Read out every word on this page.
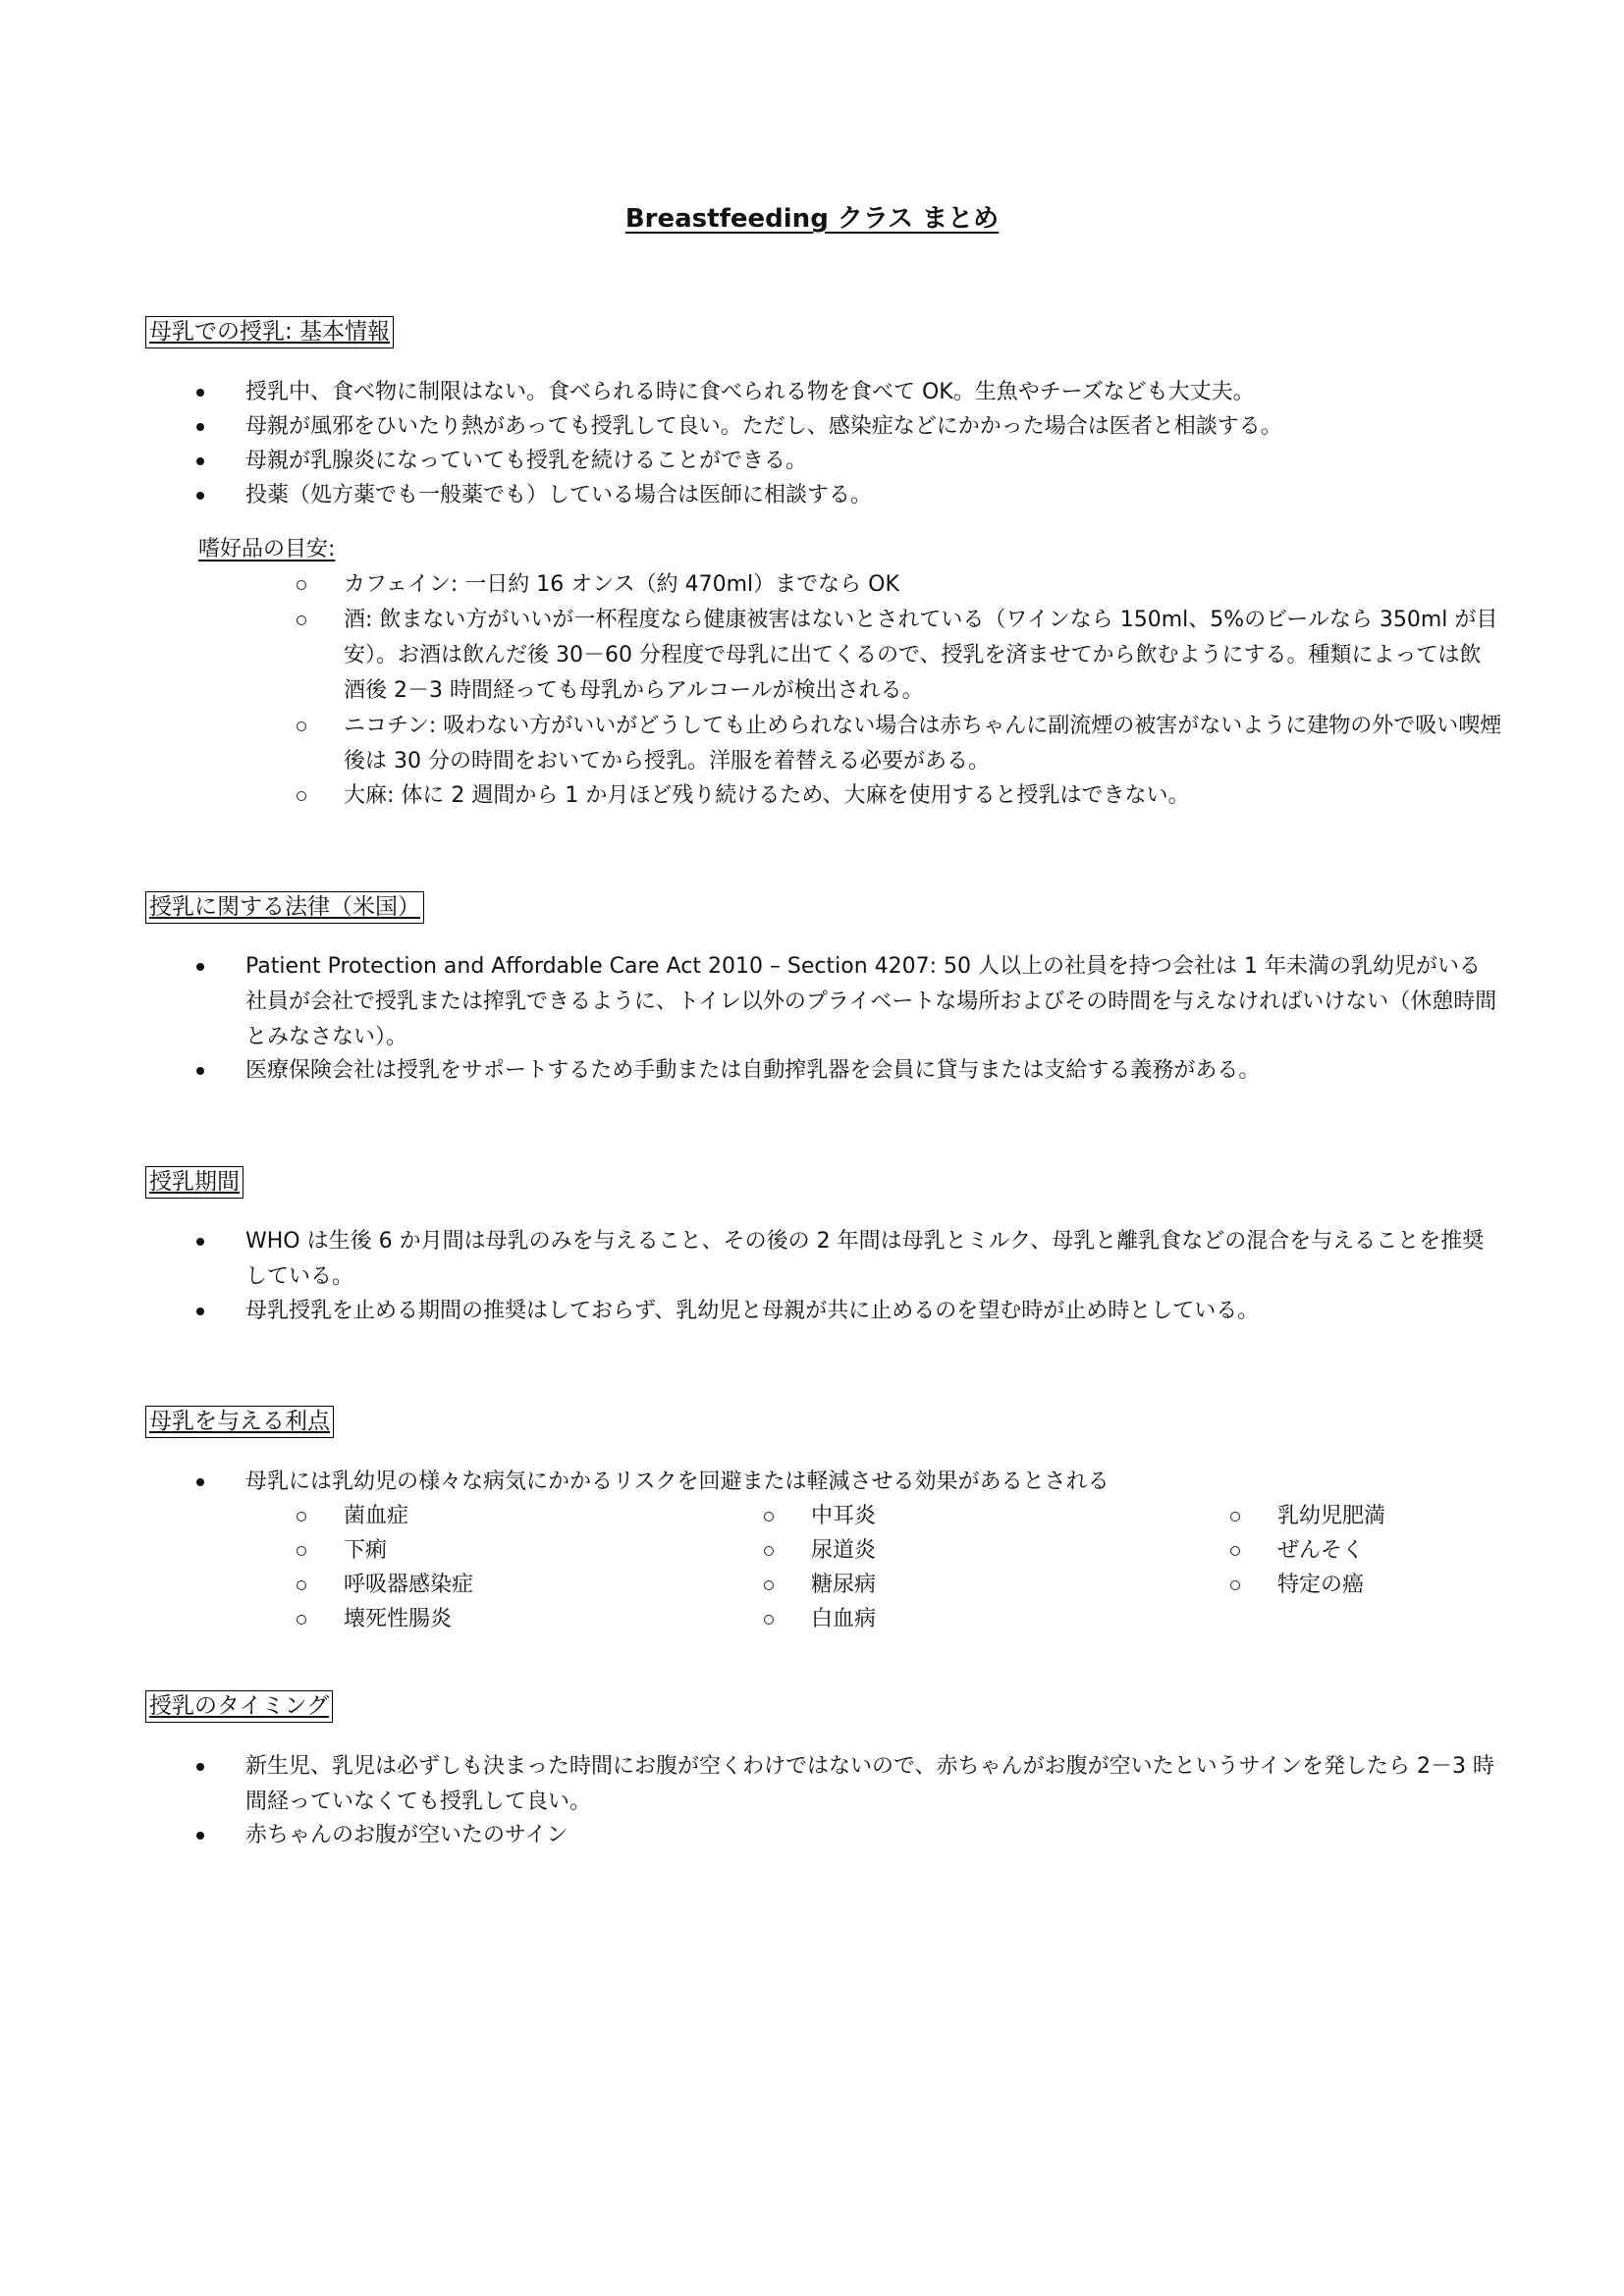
Breastfeeding クラス まとめ
母乳での授乳: 基本情報
授乳中、食べ物に制限はない。食べられる時に食べられる物を食べて OK。生魚やチーズなども大丈夫。
母親が風邪をひいたり熱があっても授乳して良い。ただし、感染症などにかかった場合は医者と相談する。
母親が乳腺炎になっていても授乳を続けることができる。
投薬（処方薬でも一般薬でも）している場合は医師に相談する。
嗜好品の目安:
カフェイン: 一日約 16 オンス（約 470ml）までなら OK
酒: 飲まない方がいいが一杯程度なら健康被害はないとされている（ワインなら 150ml、5%のビールなら 350ml が目安）。お酒は飲んだ後 30－60 分程度で母乳に出てくるので、授乳を済ませてから飲むようにする。種類によっては飲酒後 2－3 時間経っても母乳からアルコールが検出される。
ニコチン: 吸わない方がいいがどうしても止められない場合は赤ちゃんに副流煙の被害がないように建物の外で吸い喫煙後は 30 分の時間をおいてから授乳。洋服を着替える必要がある。
大麻: 体に 2 週間から 1 か月ほど残り続けるため、大麻を使用すると授乳はできない。
授乳に関する法律（米国）
Patient Protection and Affordable Care Act 2010 – Section 4207: 50 人以上の社員を持つ会社は 1 年未満の乳幼児がいる社員が会社で授乳または搾乳できるように、トイレ以外のプライベートな場所およびその時間を与えなければいけない（休憩時間とみなさない）。
医療保険会社は授乳をサポートするため手動または自動搾乳器を会員に貸与または支給する義務がある。
授乳期間
WHO は生後 6 か月間は母乳のみを与えること、その後の 2 年間は母乳とミルク、母乳と離乳食などの混合を与えることを推奨している。
母乳授乳を止める期間の推奨はしておらず、乳幼児と母親が共に止めるのを望む時が止め時としている。
母乳を与える利点
母乳には乳幼児の様々な病気にかかるリスクを回避または軽減させる効果があるとされる
菌血症
下痢
呼吸器感染症
壊死性腸炎
中耳炎
尿道炎
糖尿病
白血病
乳幼児肥満
ぜんそく
特定の癌
授乳のタイミング
新生児、乳児は必ずしも決まった時間にお腹が空くわけではないので、赤ちゃんがお腹が空いたというサインを発したら 2－3 時間経っていなくても授乳して良い。
赤ちゃんのお腹が空いたのサイン
